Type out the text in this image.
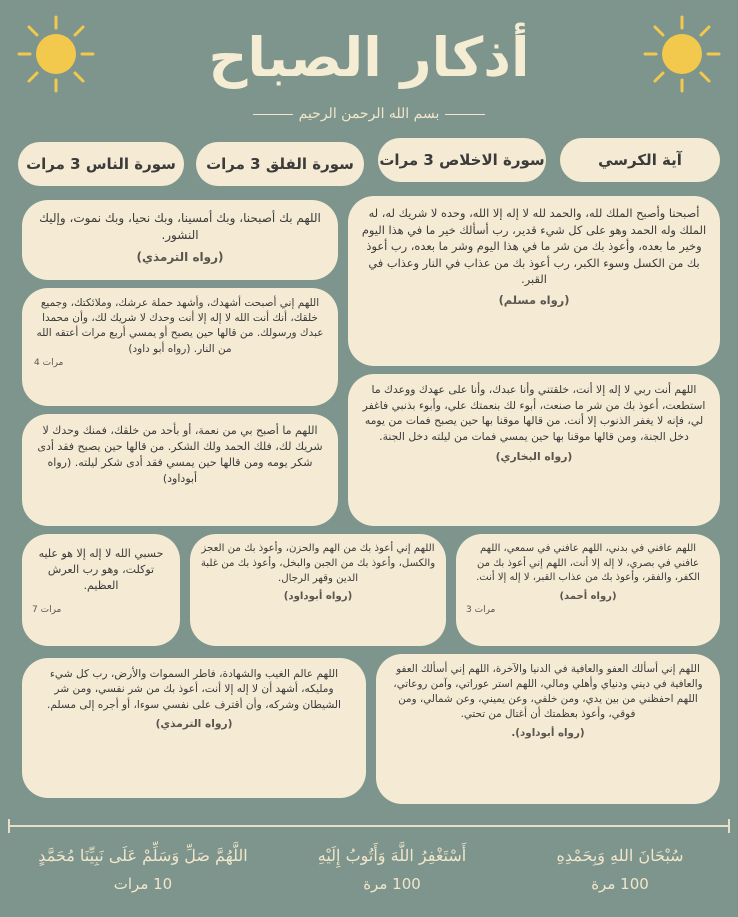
أذكار الصباح
بسم الله الرحمن الرحيم
آية الكرسي
سورة الاخلاص 3 مرات
سورة الفلق 3 مرات
سورة الناس 3 مرات

أصبحنا وأصبح الملك لله، والحمد لله لا إله إلا الله، وحده لا شريك له، له الملك وله الحمد وهو على كل شيء قدير، رب أسألك خير ما في هذا اليوم وخير ما بعده، وأعوذ بك من شر ما في هذا اليوم وشر ما بعده، رب أعوذ بك من الكسل وسوء الكبر، رب أعوذ بك من عذاب في النار وعذاب في القبر.

(رواه مسلم)

اللهم بك أصبحنا، وبك أمسينا، وبك نحيا، وبك نموت، وإليك النشور.

(رواه الترمذي)

اللهم إني أصبحت أشهدك، وأشهد حملة عرشك، وملائكتك، وجميع خلقك، أنك أنت الله لا إله إلا أنت وحدك لا شريك لك، وأن محمدا عبدك ورسولك. من قالها حين يصبح أو يمسي أربع مرات أعتقه الله من النار. (رواه أبو داود)

4 مرات

اللهم أنت ربي لا إله إلا أنت، خلقتني وأنا عبدك، وأنا على عهدك ووعدك ما استطعت، أعوذ بك من شر ما صنعت، أبوء لك بنعمتك علي، وأبوء بذنبي فاغفر لي، فإنه لا يغفر الذنوب إلا أنت. من قالها موقنا بها حين يصبح فمات من يومه دخل الجنة، ومن قالها موقنا بها حين يمسي فمات من ليلته دخل الجنة.

(رواه البخاري)

اللهم ما أصبح بي من نعمة، أو بأحد من خلقك، فمنك وحدك لا شريك لك، فلك الحمد ولك الشكر. من قالها حين يصبح فقد أدى شكر يومه ومن قالها حين يمسي فقد أدى شكر ليلته. (رواه أبوداود)

اللهم عافني في بدني، اللهم عافني في سمعي، اللهم عافني في بصري، لا إله إلا أنت، اللهم إني أعوذ بك من الكفر، والفقر، وأعوذ بك من عذاب القبر، لا إله إلا أنت.

(رواه أحمد)

3 مرات

اللهم إني أعوذ بك من الهم والحزن، وأعوذ بك من العجز والكسل، وأعوذ بك من الجبن والبخل، وأعوذ بك من غلبة الدين وقهر الرجال.

(رواه أبوداود)

حسبي الله لا إله إلا هو عليه توكلت، وهو رب العرش العظيم.

7 مرات

اللهم إني أسألك العفو والعافية في الدنيا والآخرة، اللهم إني أسألك العفو والعافية في ديني ودنياي وأهلي ومالي، اللهم استر عوراتي، وآمن روعاتي، اللهم احفظني من بين يدي، ومن خلفي، وعن يميني، وعن شمالي، ومن فوقي، وأعوذ بعظمتك أن أغتال من تحتي.

(رواه أبوداود).

اللهم عالم الغيب والشهادة، فاطر السموات والأرض، رب كل شيء ومليكه، أشهد أن لا إله إلا أنت، أعوذ بك من شر نفسي، ومن شر الشيطان وشركه، وأن أقترف على نفسي سوءا، أو أجره إلى مسلم.

(رواه الترمذي)

سُبْحَانَ اللهِ وَبِحَمْدِهِ
100 مرة
أَسْتَغْفِرُ اللَّهَ وَأَتُوبُ إِلَيْهِ
100 مرة
اللَّهُمَّ صَلِّ وَسَلِّمْ عَلَى نَبِيِّنَا مُحَمَّدٍ
10 مرات
